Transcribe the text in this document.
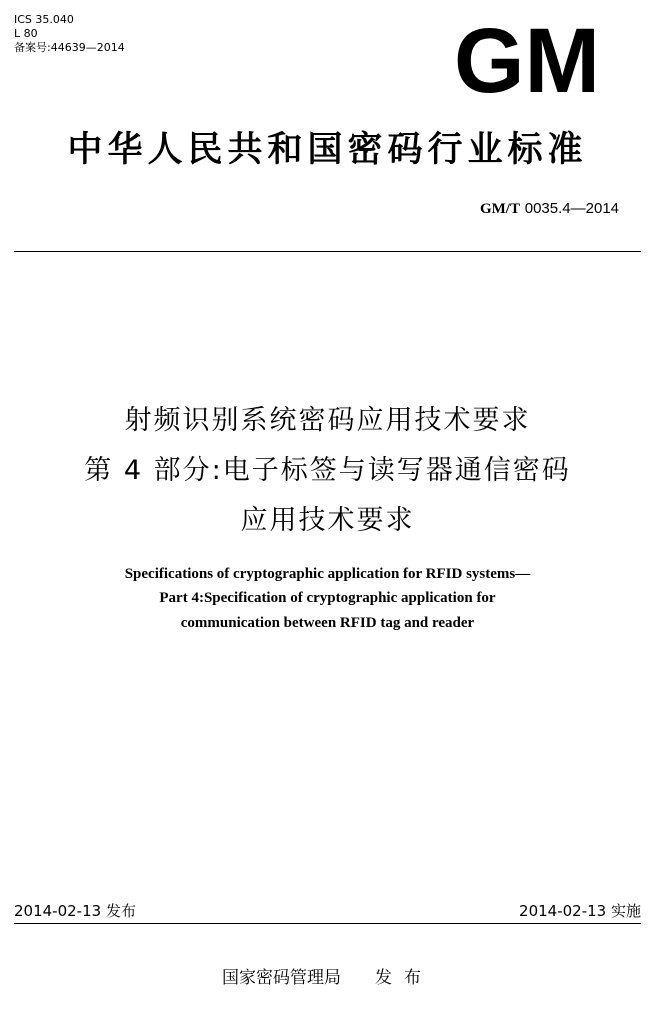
ICS 35.040
L 80
备案号:44639—2014	GM
中华人民共和国密码行业标准
GM/T 0035.4—2014
射频识别系统密码应用技术要求
第 4 部分:电子标签与读写器通信密码
应用技术要求
Specifications of cryptographic application for RFID systems—
Part 4:Specification of cryptographic application for
communication between RFID tag and reader
2014-02-13 发布	2014-02-13 实施
国家密码管理局 发布
